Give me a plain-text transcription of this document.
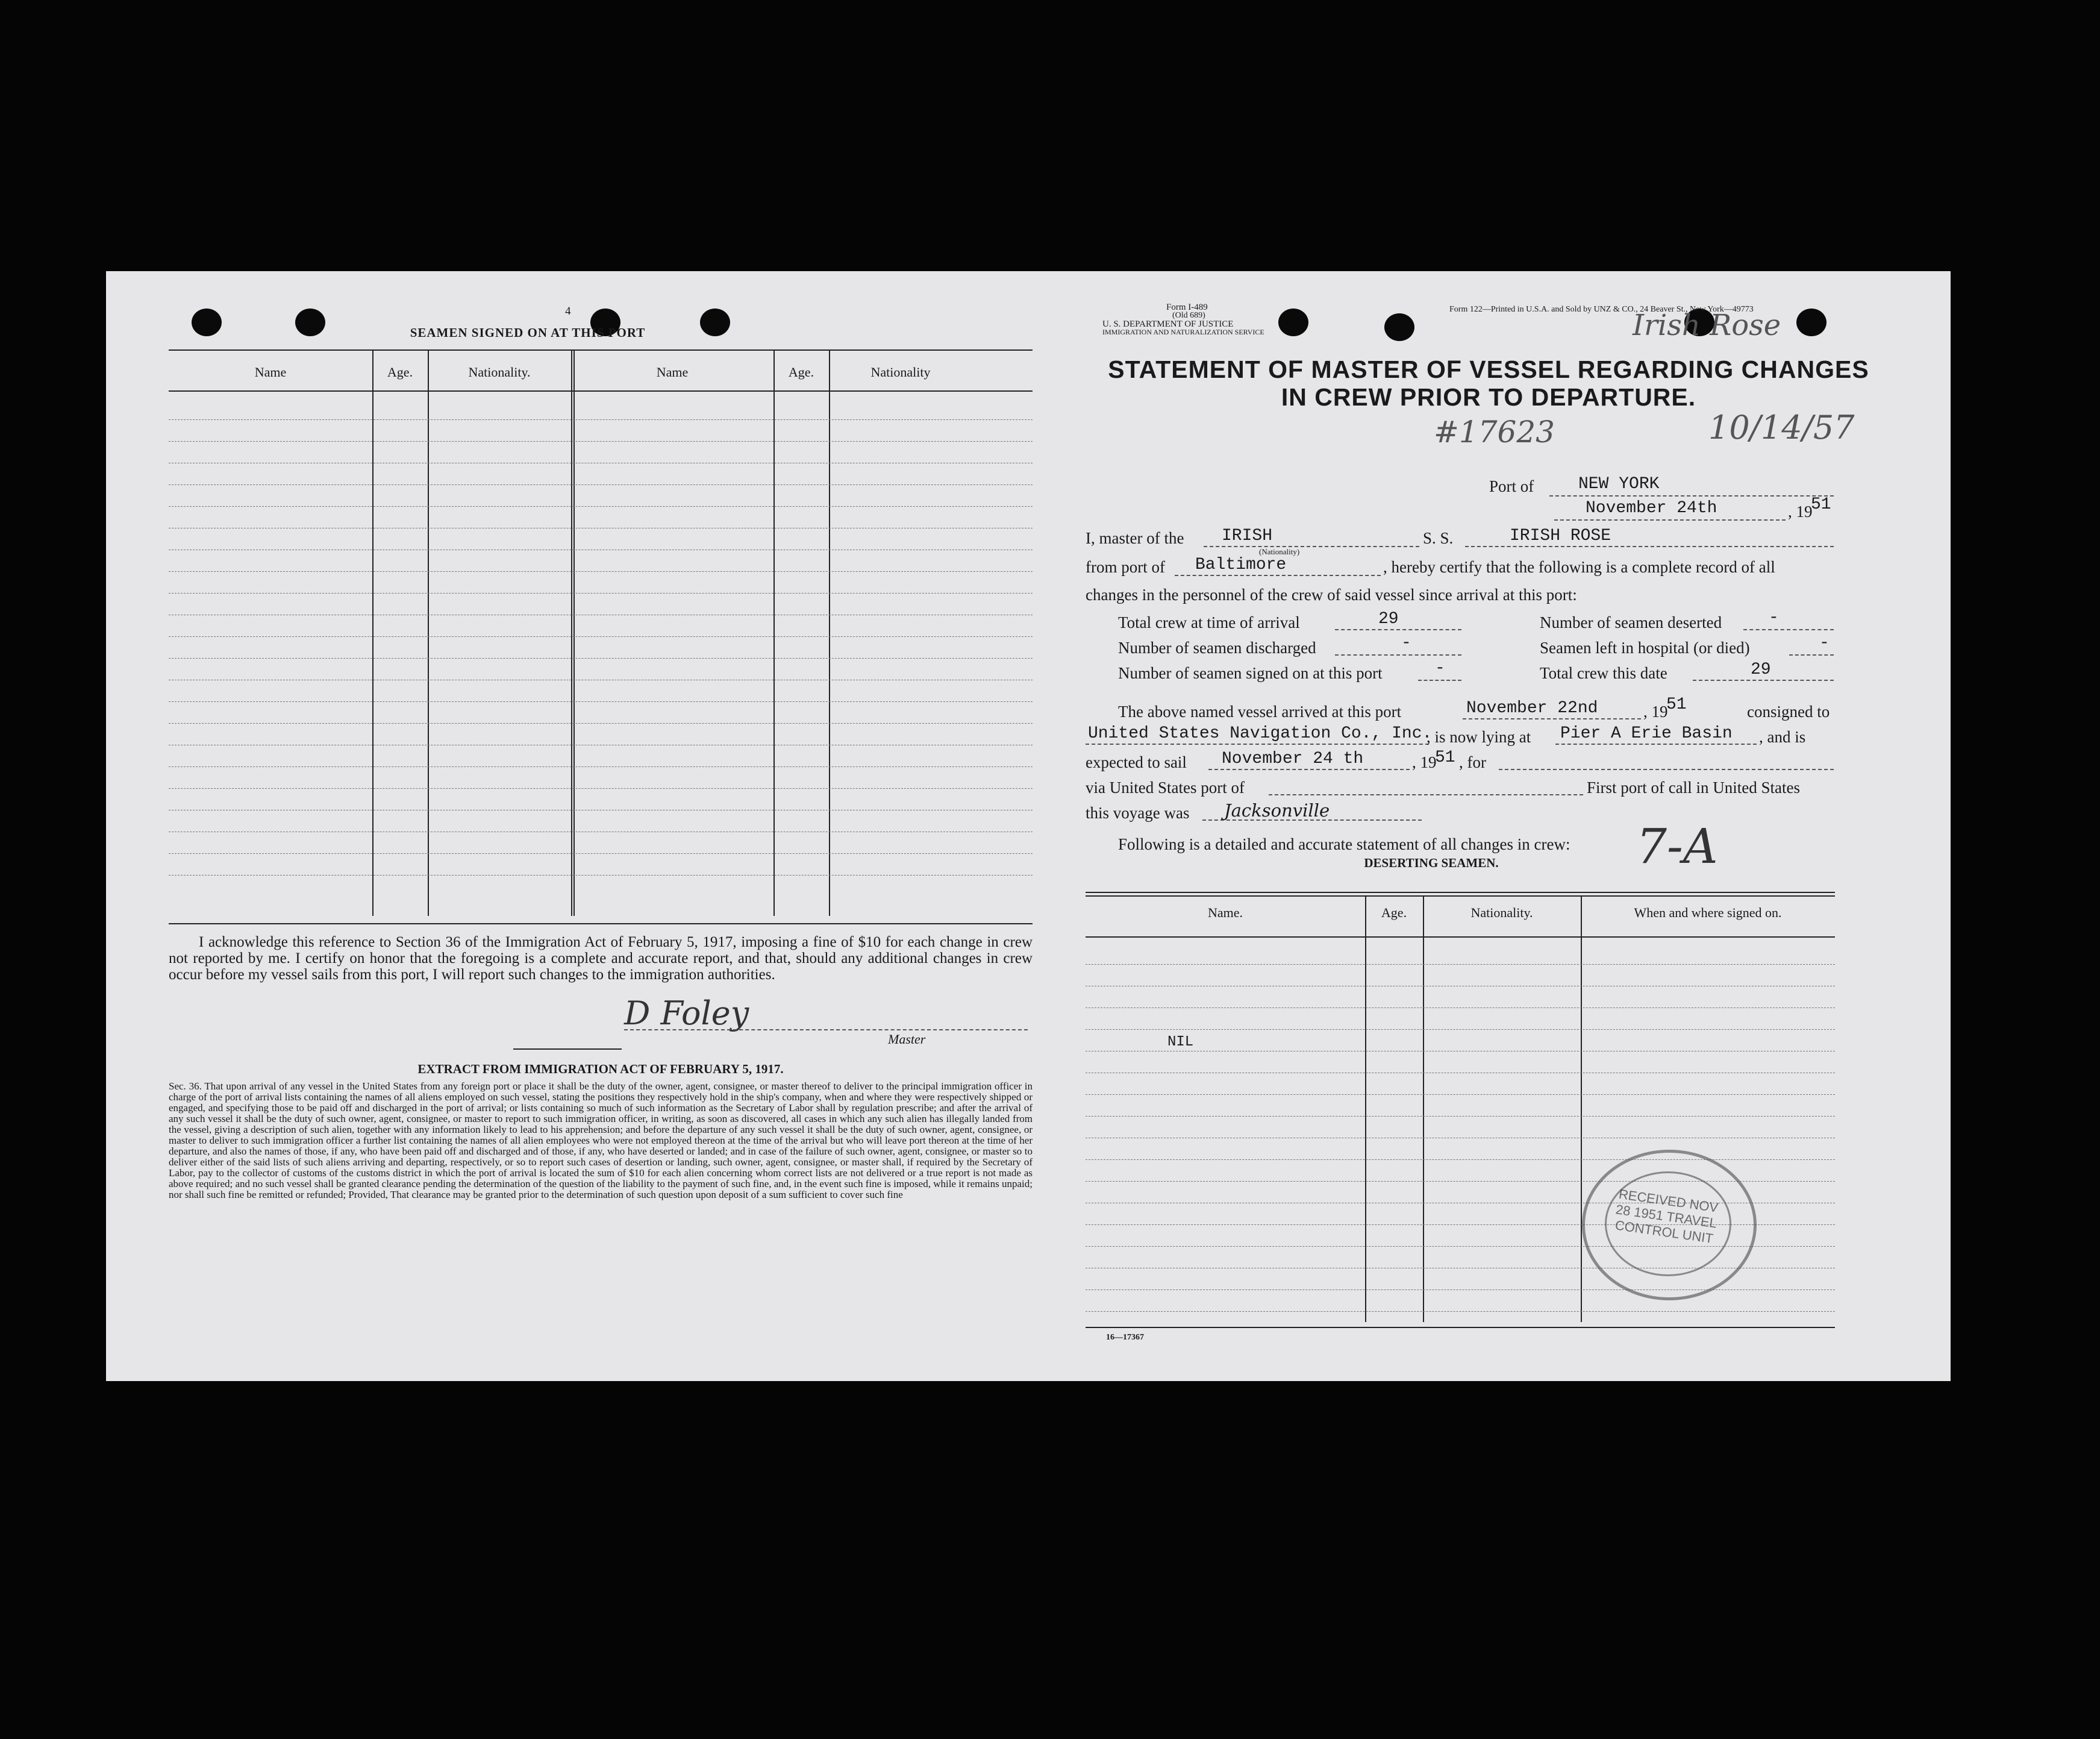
4
SEAMEN SIGNED ON AT THIS PORT
Name	Age.	Nationality.	Name	Age.	Nationality
I acknowledge this reference to Section 36 of the Immigration Act of February 5, 1917, imposing a fine of $10 for each change in crew not reported by me. I certify on honor that the foregoing is a complete and accurate report, and that, should any additional changes in crew occur before my vessel sails from this port, I will report such changes to the immigration authorities.
D Foley
Master
EXTRACT FROM IMMIGRATION ACT OF FEBRUARY 5, 1917.
Sec. 36. That upon arrival of any vessel in the United States from any foreign port or place it shall be the duty of the owner, agent, consignee, or master thereof to deliver to the principal immigration officer in charge of the port of arrival lists containing the names of all aliens employed on such vessel, stating the positions they respectively hold in the ship's company, when and where they were respectively shipped or engaged, and specifying those to be paid off and discharged in the port of arrival; or lists containing so much of such information as the Secretary of Labor shall by regulation prescribe; and after the arrival of any such vessel it shall be the duty of such owner, agent, consignee, or master to report to such immigration officer, in writing, as soon as discovered, all cases in which any such alien has illegally landed from the vessel, giving a description of such alien, together with any information likely to lead to his apprehension; and before the departure of any such vessel it shall be the duty of such owner, agent, consignee, or master to deliver to such immigration officer a further list containing the names of all alien employees who were not employed thereon at the time of the arrival but who will leave port thereon at the time of her departure, and also the names of those, if any, who have been paid off and discharged and of those, if any, who have deserted or landed; and in case of the failure of such owner, agent, consignee, or master so to deliver either of the said lists of such aliens arriving and departing, respectively, or so to report such cases of desertion or landing, such owner, agent, consignee, or master shall, if required by the Secretary of Labor, pay to the collector of customs of the customs district in which the port of arrival is located the sum of $10 for each alien concerning whom correct lists are not delivered or a true report is not made as above required; and no such vessel shall be granted clearance pending the determination of the question of the liability to the payment of such fine, and, in the event such fine is imposed, while it remains unpaid; nor shall such fine be remitted or refunded; Provided, That clearance may be granted prior to the determination of such question upon deposit of a sum sufficient to cover such fine
Form I-489
(Old 689)
U. S. DEPARTMENT OF JUSTICE
IMMIGRATION AND NATURALIZATION SERVICE
Form 122—Printed in U.S.A. and Sold by UNZ & CO., 24 Beaver St., New York—49773
Irish Rose
STATEMENT OF MASTER OF VESSEL REGARDING CHANGES
IN CREW PRIOR TO DEPARTURE.
#17623	10/14/57
Port of	NEW YORK
November 24th	, 19
51
I, master of the IRISH
(Nationality)
S. S.	IRISH ROSE
from port of Baltimore	, hereby certify that the following is a complete record of all
changes in the personnel of the crew of said vessel since arrival at this port:
Total crew at time of arrival	29	Number of seamen deserted	-
Number of seamen discharged	-	Seamen left in hospital (or died)	-
Number of seamen signed on at this port	-	Total crew this date	29
The above named vessel arrived at this port	November 22nd	, 19
51	consigned to
United States Navigation Co., Inc.
, is now lying at Pier A Erie Basin , and is
expected to sail November 24 th	, 19
51 , for
via United States port of	First port of call in United States
this voyage was Jacksonville
Following is a detailed and accurate statement of all changes in crew: 7-A
DESERTING SEAMEN.
Name.	Age.	Nationality.	When and where signed on.
NIL
16—17367
RECEIVED NOV 28 1951 TRAVEL CONTROL UNIT
